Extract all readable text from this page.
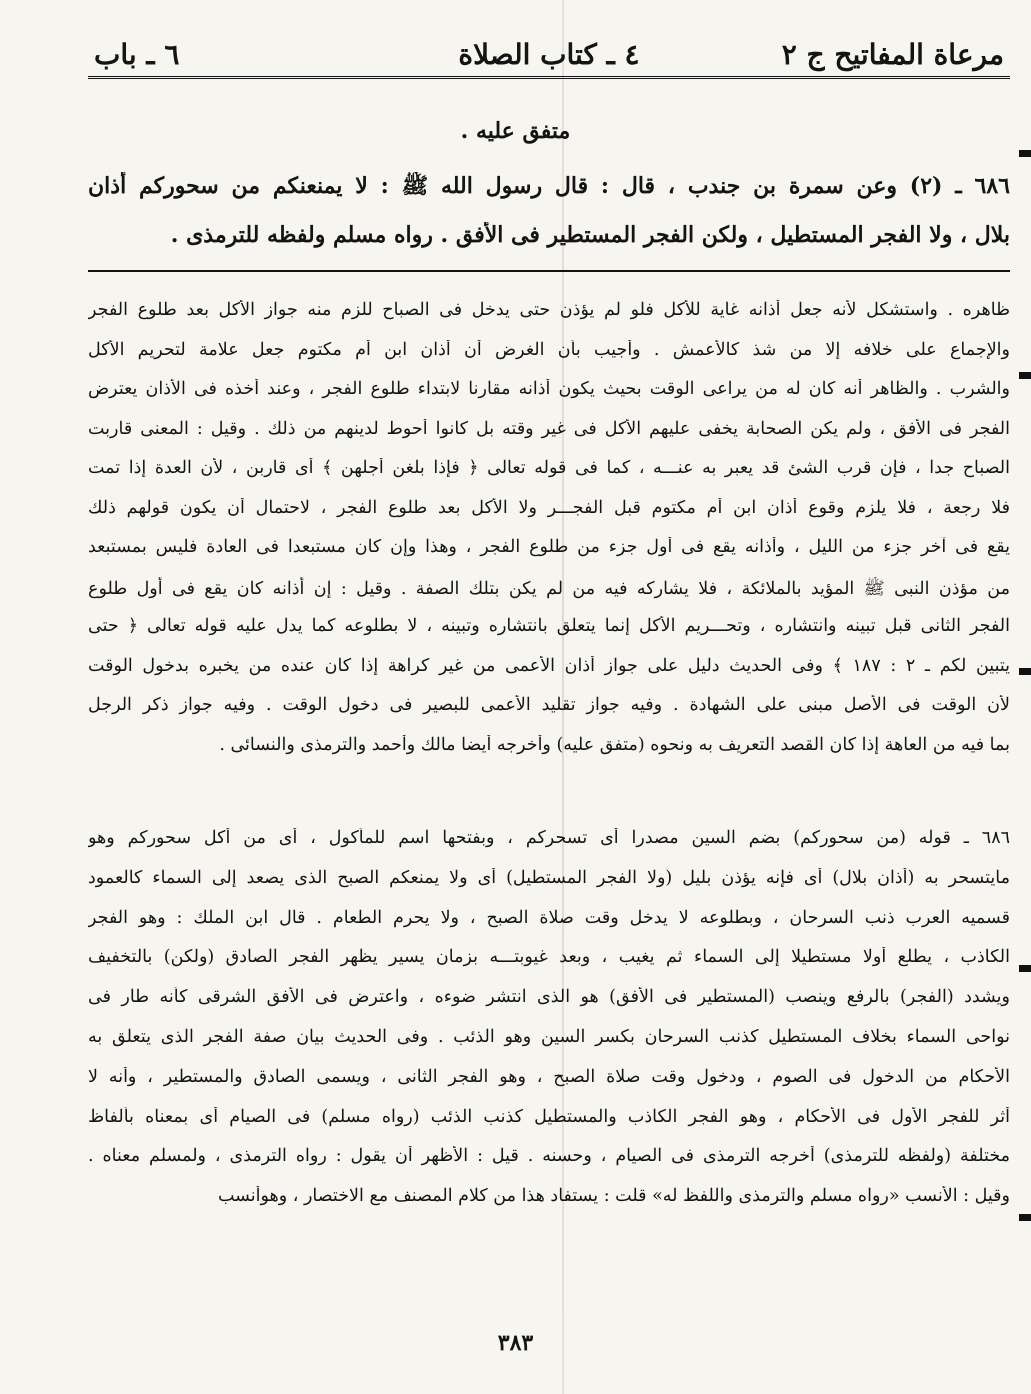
مرعاة المفاتيح ج ٢
٤ ـ كتاب الصلاة
٦ ـ باب
متفق عليه .
٦٨٦ ـ (٢) وعن سمرة بن جندب ، قال : قال رسول الله ﷺ : لا يمنعنكم من سحوركم أذان
بلال ، ولا الفجر المستطيل ، ولكن الفجر المستطير فى الأفق . رواه مسلم ولفظه للترمذى .
ظاهره . واستشكل لأنه جعل أذانه غاية للأكل فلو لم يؤذن حتى يدخل فى الصباح للزم منه جواز الأكل بعد طلوع الفجر
والإجماع على خلافه إلا من شذ كالأعمش . وأجيب بأن الغرض أن أذان ابن أم مكتوم جعل علامة لتحريم الأكل
والشرب . والظاهر أنه كان له من يراعى الوقت بحيث يكون أذانه مقارنا لابتداء طلوع الفجر ، وعند أخذه فى الأذان يعترض
الفجر فى الأفق ، ولم يكن الصحابة يخفى عليهم الأكل فى غير وقته بل كانوا أحوط لدينهم من ذلك . وقيل : المعنى قاربت
الصباح جدا ، فإن قرب الشئ قد يعبر به عنـــه ، كما فى قوله تعالى ﴿ فإذا بلغن أجلهن ﴾ أى قاربن ، لأن العدة إذا تمت
فلا رجعة ، فلا يلزم وقوع أذان ابن أم مكتوم قبل الفجـــر ولا الأكل بعد طلوع الفجر ، لاحتمال أن يكون قولهم ذلك
يقع فى آخر جزء من الليل ، وأذانه يقع فى أول جزء من طلوع الفجر ، وهذا وإن كان مستبعدا فى العادة فليس بمستبعد
من مؤذن النبى ﷺ المؤيد بالملائكة ، فلا يشاركه فيه من لم يكن بتلك الصفة . وقيل : إن أذانه كان يقع فى أول طلوع
الفجر الثانى قبل تبينه وانتشاره ، وتحـــريم الأكل إنما يتعلق بانتشاره وتبينه ، لا بطلوعه كما يدل عليه قوله تعالى ﴿ حتى
يتبين لكم ـ ٢ : ١٨٧ ﴾ وفى الحديث دليل على جواز أذان الأعمى من غير كراهة إذا كان عنده من يخبره بدخول الوقت
لأن الوقت فى الأصل مبنى على الشهادة . وفيه جواز تقليد الأعمى للبصير فى دخول الوقت . وفيه جواز ذكر الرجل
بما فيه من العاهة إذا كان القصد التعريف به ونحوه (متفق عليه) وأخرجه أيضا مالك وأحمد والترمذى والنسائى .
٦٨٦ ـ قوله (من سحوركم) بضم السين مصدرا أى تسحركم ، وبفتحها اسم للمأكول ، أى من أكل سحوركم وهو
مايتسحر به (أذان بلال) أى فإنه يؤذن بليل (ولا الفجر المستطيل) أى ولا يمنعكم الصبح الذى يصعد إلى السماء كالعمود
قسميه العرب ذنب السرحان ، وبطلوعه لا يدخل وقت صلاة الصبح ، ولا يحرم الطعام . قال ابن الملك : وهو الفجر
الكاذب ، يطلع أولا مستطيلا إلى السماء ثم يغيب ، وبعد غيوبتـــه بزمان يسير يظهر الفجر الصادق (ولكن) بالتخفيف
ويشدد (الفجر) بالرفع وينصب (المستطير فى الأفق) هو الذى انتشر ضوءه ، واعترض فى الأفق الشرقى كأنه طار فى
نواحى السماء بخلاف المستطيل كذنب السرحان بكسر السين وهو الذئب . وفى الحديث بيان صفة الفجر الذى يتعلق به
الأحكام من الدخول فى الصوم ، ودخول وقت صلاة الصبح ، وهو الفجر الثانى ، ويسمى الصادق والمستطير ، وأنه لا
أثر للفجر الأول فى الأحكام ، وهو الفجر الكاذب والمستطيل كذنب الذئب (رواه مسلم) فى الصيام أى بمعناه بألفاظ
مختلفة (ولفظه للترمذى) أخرجه الترمذى فى الصيام ، وحسنه . قيل : الأظهر أن يقول : رواه الترمذى ، ولمسلم معناه .
وقيل : الأنسب «رواه مسلم والترمذى واللفظ له» قلت : يستفاد هذا من كلام المصنف مع الاختصار ، وهوأنسب
٣٨٣
